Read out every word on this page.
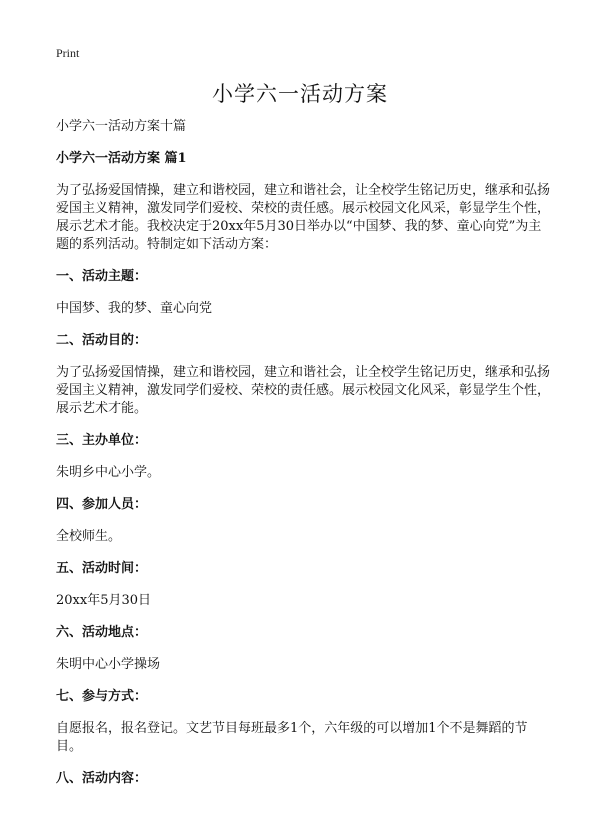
Print
小学六一活动方案

小学六一活动方案十篇

小学六一活动方案 篇1

为了弘扬爱国情操，建立和谐校园，建立和谐社会，让全校学生铭记历史，继承和弘扬爱国主义精神，激发同学们爱校、荣校的责任感。展示校园文化风采，彰显学生个性，展示艺术才能。我校决定于20xx年5月30日举办以“中国梦、我的梦、童心向党”为主题的系列活动。特制定如下活动方案：

一、活动主题：

中国梦、我的梦、童心向党

二、活动目的：

为了弘扬爱国情操，建立和谐校园，建立和谐社会，让全校学生铭记历史，继承和弘扬爱国主义精神，激发同学们爱校、荣校的责任感。展示校园文化风采，彰显学生个性，展示艺术才能。

三、主办单位：

朱明乡中心小学。

四、参加人员：

全校师生。

五、活动时间：

20xx年5月30日

六、活动地点：

朱明中心小学操场

七、参与方式：

自愿报名，报名登记。文艺节目每班最多1个，六年级的可以增加1个不是舞蹈的节目。

八、活动内容：
